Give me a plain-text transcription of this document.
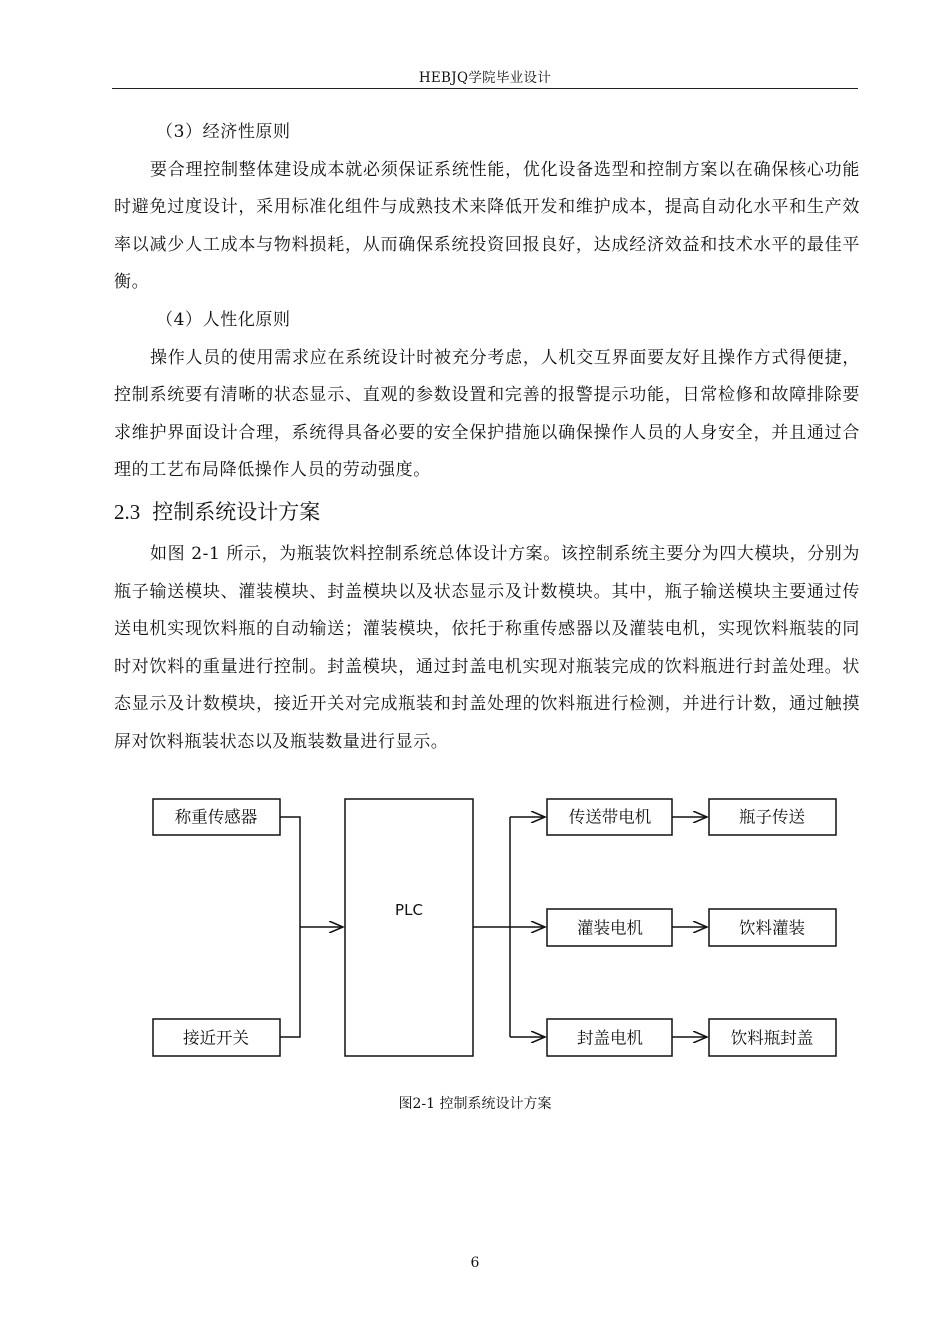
HEBJQ学院毕业设计

（3）经济性原则

要合理控制整体建设成本就必须保证系统性能，优化设备选型和控制方案以在确保核心功能时避免过度设计，采用标准化组件与成熟技术来降低开发和维护成本，提高自动化水平和生产效率以减少人工成本与物料损耗，从而确保系统投资回报良好，达成经济效益和技术水平的最佳平衡。

（4）人性化原则

操作人员的使用需求应在系统设计时被充分考虑，人机交互界面要友好且操作方式得便捷，控制系统要有清晰的状态显示、直观的参数设置和完善的报警提示功能，日常检修和故障排除要求维护界面设计合理，系统得具备必要的安全保护措施以确保操作人员的人身安全，并且通过合理的工艺布局降低操作人员的劳动强度。

2.3 控制系统设计方案

如图 2-1 所示，为瓶装饮料控制系统总体设计方案。该控制系统主要分为四大模块，分别为瓶子输送模块、灌装模块、封盖模块以及状态显示及计数模块。其中，瓶子输送模块主要通过传送电机实现饮料瓶的自动输送；灌装模块，依托于称重传感器以及灌装电机，实现饮料瓶装的同时对饮料的重量进行控制。封盖模块，通过封盖电机实现对瓶装完成的饮料瓶进行封盖处理。状态显示及计数模块，接近开关对完成瓶装和封盖处理的饮料瓶进行检测，并进行计数，通过触摸屏对饮料瓶装状态以及瓶装数量进行显示。

称重传感器
接近开关
PLC
传送带电机
灌装电机
封盖电机
瓶子传送
饮料灌装
饮料瓶封盖
图2-1 控制系统设计方案
6
